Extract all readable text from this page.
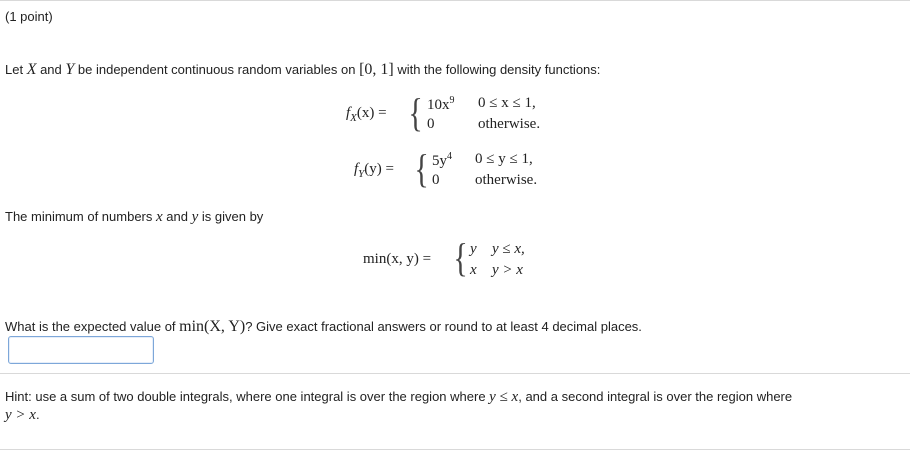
(1 point)
Let X and Y be independent continuous random variables on [0, 1] with the following density functions:
$f_X(x)$ = { $10x^9$ 0 ≤ x ≤ 1,
0	otherwise.
$f_Y(y)$ = { $5y^4$ 0 ≤ y ≤ 1,
0 otherwise.
The minimum of numbers x and y is given by
min(x, y) = { y y ≤ x,
x y > x
What is the expected value of min(X, Y)? Give exact fractional answers or round to at least 4 decimal places.
Hint: use a sum of two double integrals, where one integral is over the region where y ≤ x, and a second integral is over the region where
y > x.
